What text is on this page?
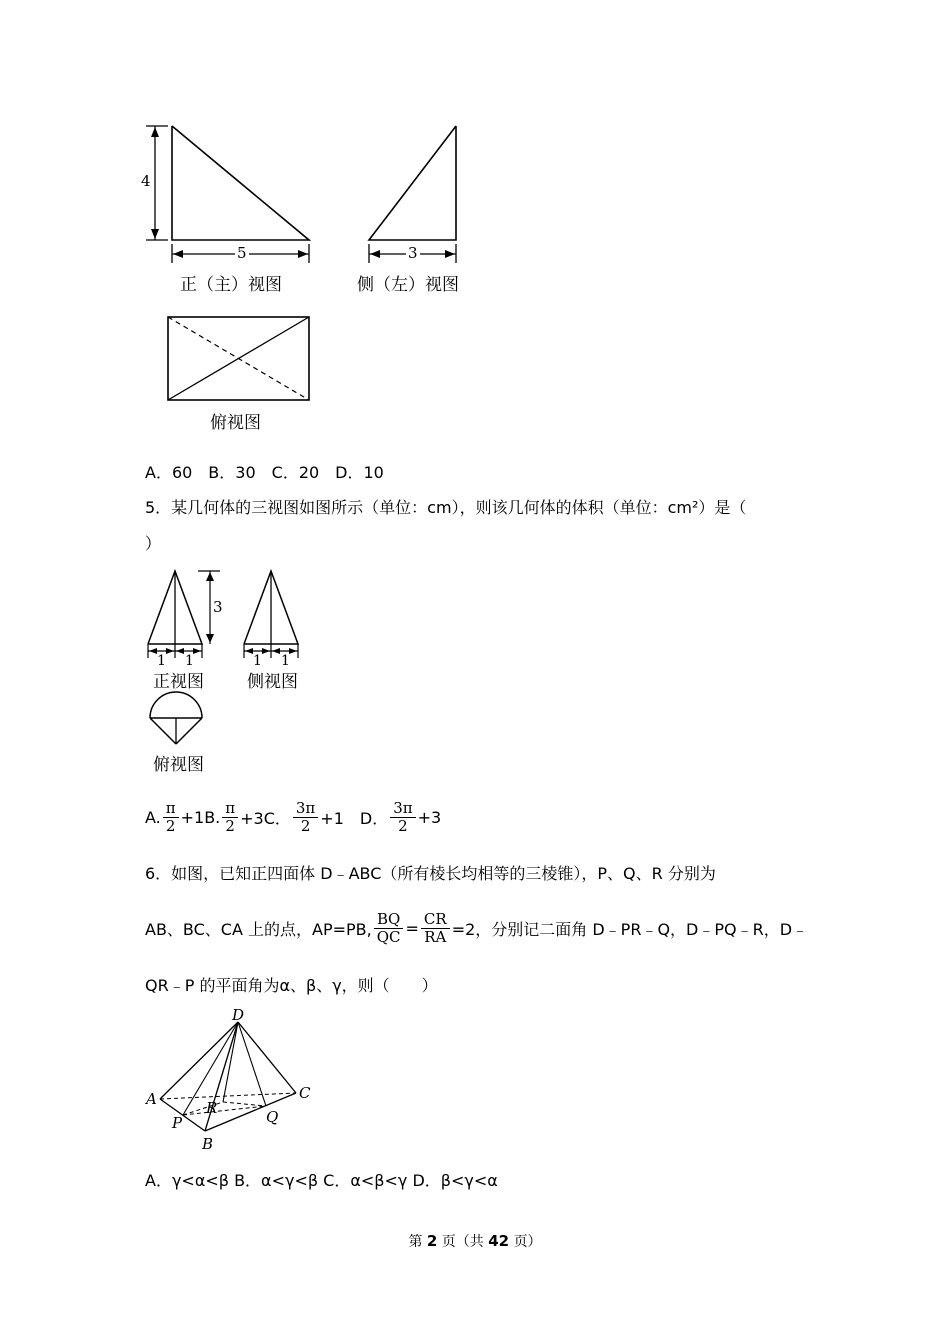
4
5
正（主）视图
3
侧（左）视图
俯视图
A．60　B．30　C．20　D．10
5．某几何体的三视图如图所示（单位：cm），则该几何体的体积（单位：cm²）是（
）
3
1 1
正视图
1 1
侧视图
俯视图
A. $\frac{\pi}{2} +1B$. $\frac{\pi}{2} +3C$． $\frac{3\pi}{2} +1$　D． $\frac{3\pi}{2} +3$
6．如图，已知正四面体 D﹣ABC（所有棱长均相等的三棱锥），P、Q、R 分别为
AB、BC、CA 上的点，AP=PB, $\frac{BQ}{QC} = \frac{CR}{RA} =2$，分别记二面角 D﹣PR﹣Q，D﹣PQ﹣R，D﹣
QR﹣P 的平面角为α、β、γ，则（　　）
D
A	C
R
P	Q
B
A．γ<α<β B．α<γ<β C．α<β<γ D．β<γ<α
第 2 页（共 42 页）
